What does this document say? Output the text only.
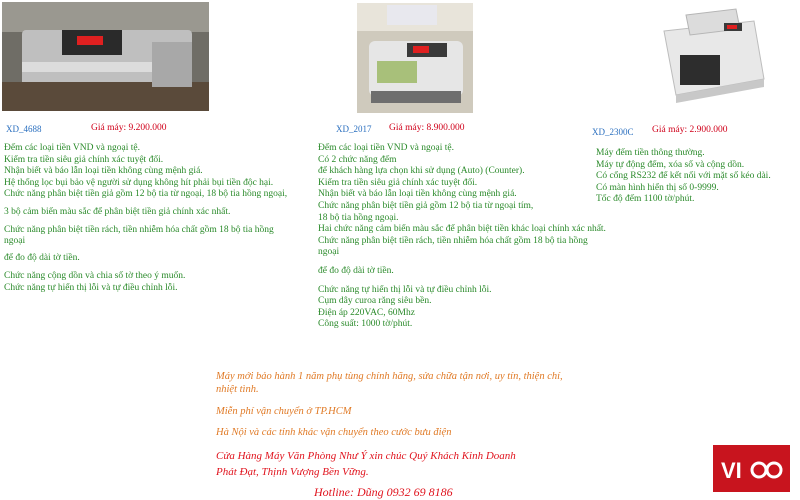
XD_4688	Giá máy: 9.200.000
Đếm các loại tiền VND và ngoại tệ.
Kiểm tra tiền siêu giả chính xác tuyệt đối.
Nhận biết và báo lẫn loại tiền không cùng mệnh giá.
Hệ thống lọc bụi bảo vệ người sử dụng không hít phải bụi tiền độc hại.
Chức năng phân biệt tiền giả gồm 12 bộ tia từ ngoại, 18 bộ tia hồng ngoại,
3 bộ cảm biến màu sắc để phân biệt tiền giả chính xác nhất.
Chức năng phân biệt tiền rách, tiền nhiễm hóa chất gồm 18 bộ tia hồng
ngoại
để đo độ dài tờ tiền.
Chức năng cộng dồn và chia số tờ theo ý muốn.
Chức năng tự hiển thị lỗi và tự điều chỉnh lỗi.
XD_2017 Giá máy: 8.900.000
Đếm các loại tiền VND và ngoại tệ.
Có 2 chức năng đếm
để khách hàng lựa chọn khi sử dụng (Auto) (Counter).
Kiểm tra tiền siêu giả chính xác tuyệt đối.
Nhận biết và báo lẫn loại tiền không cùng mệnh giá.
Chức năng phân biệt tiền giả gồm 12 bộ tia từ ngoại tím,
18 bộ tia hồng ngoại.
Hai chức năng cảm biến màu sắc để phân biệt tiền khác loại chính xác nhất.
Chức năng phân biệt tiền rách, tiền nhiễm hóa chất gồm 18 bộ tia hồng
ngoại
để đo độ dài tờ tiền.
Chức năng tự hiển thị lỗi và tự điều chỉnh lỗi.
Cụm dây curoa răng siêu bền.
Điện áp 220VAC, 60Mhz
Công suất: 1000 tờ/phút.
XD_2300C Giá máy: 2.900.000
Máy đếm tiền thông thường.
Máy tự động đếm, xóa số và cộng dồn.
Có cổng RS232 để kết nối với mặt số kéo dài.
Có màn hình hiển thị số 0-9999.
Tốc độ đếm 1100 tờ/phút.
Máy mới bảo hành 1 năm phụ tùng chính hãng, sửa chữa tận nơi, uy tín, thiện chí, nhiệt tình.
Miễn phí vận chuyển ở TP.HCM
Hà Nội và các tỉnh khác vận chuyển theo cước bưu điện
Cửa Hàng Máy Văn Phòng Như Ý xin chúc Quý Khách Kinh Doanh
Phát Đạt, Thịnh Vượng Bền Vững.
Hotline: Dũng 0932 69 8186
VI
